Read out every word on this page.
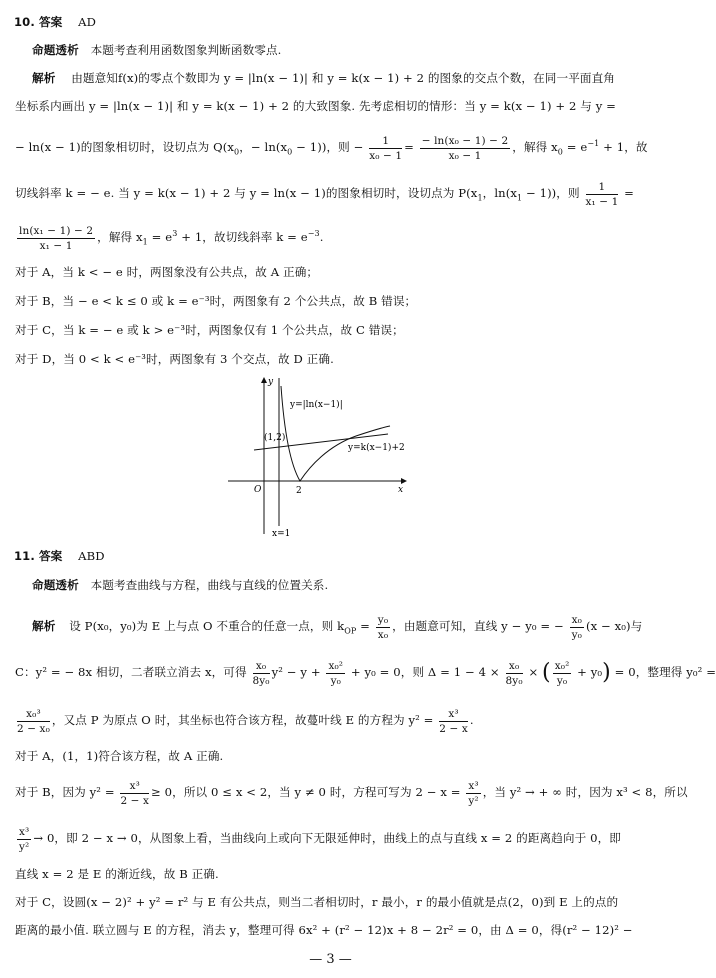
10. 答案 AD
命题透析 本题考查利用函数图象判断函数零点.
解析 由题意知f(x)的零点个数即为 y = |ln(x − 1)| 和 y = k(x − 1) + 2 的图象的交点个数，在同一平面直角
坐标系内画出 y = |ln(x − 1)| 和 y = k(x − 1) + 2 的大致图象. 先考虑相切的情形：当 y = k(x − 1) + 2 与 y =
− ln(x − 1)的图象相切时，设切点为 $Q(x_0$，− $\ln(x_0 - 1)$)，则 − $\frac{1}{\text{x₀ − 1}} = \frac{\text{− ln(x₀ − 1) − 2}}{\text{x₀ − 1}}$ ，解得 $x_0 = e^{-1} + 1$，故
切线斜率 k = − e. 当 y = k(x − 1) + 2 与 y = ln(x − 1)的图象相切时，设切点为 $P(x_1$，$\ln(x_1 - 1)$)，则 $\frac{1}{\text{x₁ − 1}}$ =
$\frac{\text{ln(x₁ − 1) − 2}}{\text{x₁ − 1}}$ ，解得 $x_1 = e^3 + 1$，故切线斜率 $k = e^{-3}$.
对于 A，当 k < − e 时，两图象没有公共点，故 A 正确；
对于 B，当 − e < k ≤ 0 或 k = e⁻³时，两图象有 2 个公共点，故 B 错误；
对于 C，当 k = − e 或 k > e⁻³时，两图象仅有 1 个公共点，故 C 错误；
对于 D，当 0 < k < e⁻³时，两图象有 3 个交点，故 D 正确.
y
x
O
(1,2)
2
x=1
y=|ln(x−1)|
y=k(x−1)+2
11. 答案 ABD
命题透析 本题考查曲线与方程，曲线与直线的位置关系.
解析 设 P(x₀，y₀)为 E 上与点 O 不重合的任意一点，则 $k_{OP} = \frac{\text{y₀}}{\text{x₀}}$ ，由题意可知，直线 y − y₀ = − $\frac{\text{x₀}}{\text{y₀}} (x - x_0)$与
C：y² = − 8x 相切，二者联立消去 x，可得 $\frac{\text{x₀}}{\text{8y₀}} y^2 - y + \frac{\text{x₀²}}{\text{y₀}} + y_0 = 0$，则 $\Delta = 1 - 4 \times \frac{\text{x₀}}{\text{8y₀}}$ × ( $\frac{\text{x₀²}}{\text{y₀}} + y_0) = 0$，整理得 y₀² =
$\frac{\text{x₀³}}{\text{2 − x₀}}$ ，又点 P 为原点 O 时，其坐标也符合该方程，故蔓叶线 E 的方程为 $y^2 = \frac{\text{x³}}{2 - x}$ .
对于 A，(1，1)符合该方程，故 A 正确.
对于 B，因为 $y^2 = \frac{\text{x³}}{2 - x} \ge 0$，所以 0 ≤ x < 2，当 y ≠ 0 时，方程可写为 $2 - x = \frac{\text{x³}}{\text{y²}}$ ，当 y² → + ∞ 时，因为 x³ < 8，所以
$\frac{\text{x³}}{\text{y²}} \to 0$，即 2 − x → 0，从图象上看，当曲线向上或向下无限延伸时，曲线上的点与直线 x = 2 的距离趋向于 0，即
直线 x = 2 是 E 的渐近线，故 B 正确.
对于 C，设圆(x − 2)² + y² = r² 与 E 有公共点，则当二者相切时，r 最小，r 的最小值就是点(2，0)到 E 上的点的
距离的最小值. 联立圆与 E 的方程，消去 y，整理可得 6x² + (r² − 12)x + 8 − 2r² = 0，由 Δ = 0，得(r² − 12)² −
— 3 —
